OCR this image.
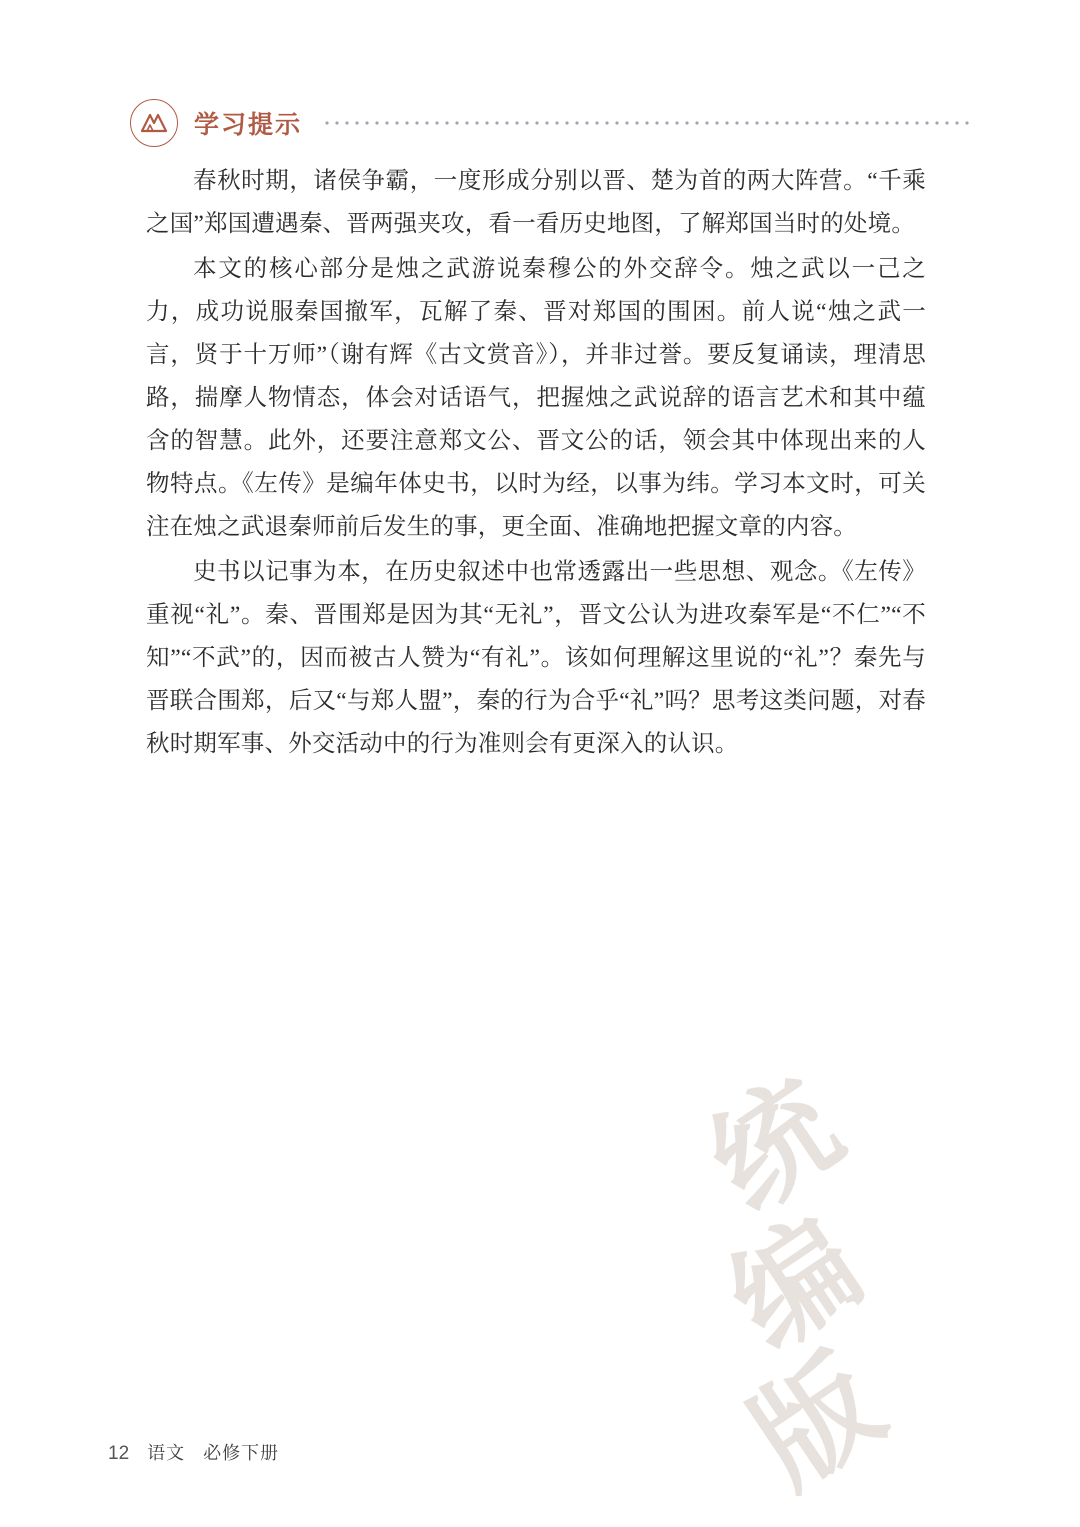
学习提示

春秋时期，诸侯争霸，一度形成分别以晋、楚为首的两大阵营。“千乘之国”郑国遭遇秦、晋两强夹攻，看一看历史地图，了解郑国当时的处境。

本文的核心部分是烛之武游说秦穆公的外交辞令。烛之武以一己之力，成功说服秦国撤军，瓦解了秦、晋对郑国的围困。前人说“烛之武一言，贤于十万师”（谢有辉《古文赏音》），并非过誉。要反复诵读，理清思路，揣摩人物情态，体会对话语气，把握烛之武说辞的语言艺术和其中蕴含的智慧。此外，还要注意郑文公、晋文公的话，领会其中体现出来的人物特点。《左传》是编年体史书，以时为经，以事为纬。学习本文时，可关注在烛之武退秦师前后发生的事，更全面、准确地把握文章的内容。

史书以记事为本，在历史叙述中也常透露出一些思想、观念。《左传》重视“礼”。秦、晋围郑是因为其“无礼”，晋文公认为进攻秦军是“不仁”“不知”“不武”的，因而被古人赞为“有礼”。该如何理解这里说的“礼”？秦先与晋联合围郑，后又“与郑人盟”，秦的行为合乎“礼”吗？思考这类问题，对春秋时期军事、外交活动中的行为准则会有更深入的认识。

统
编
版
12 语文 必修下册
